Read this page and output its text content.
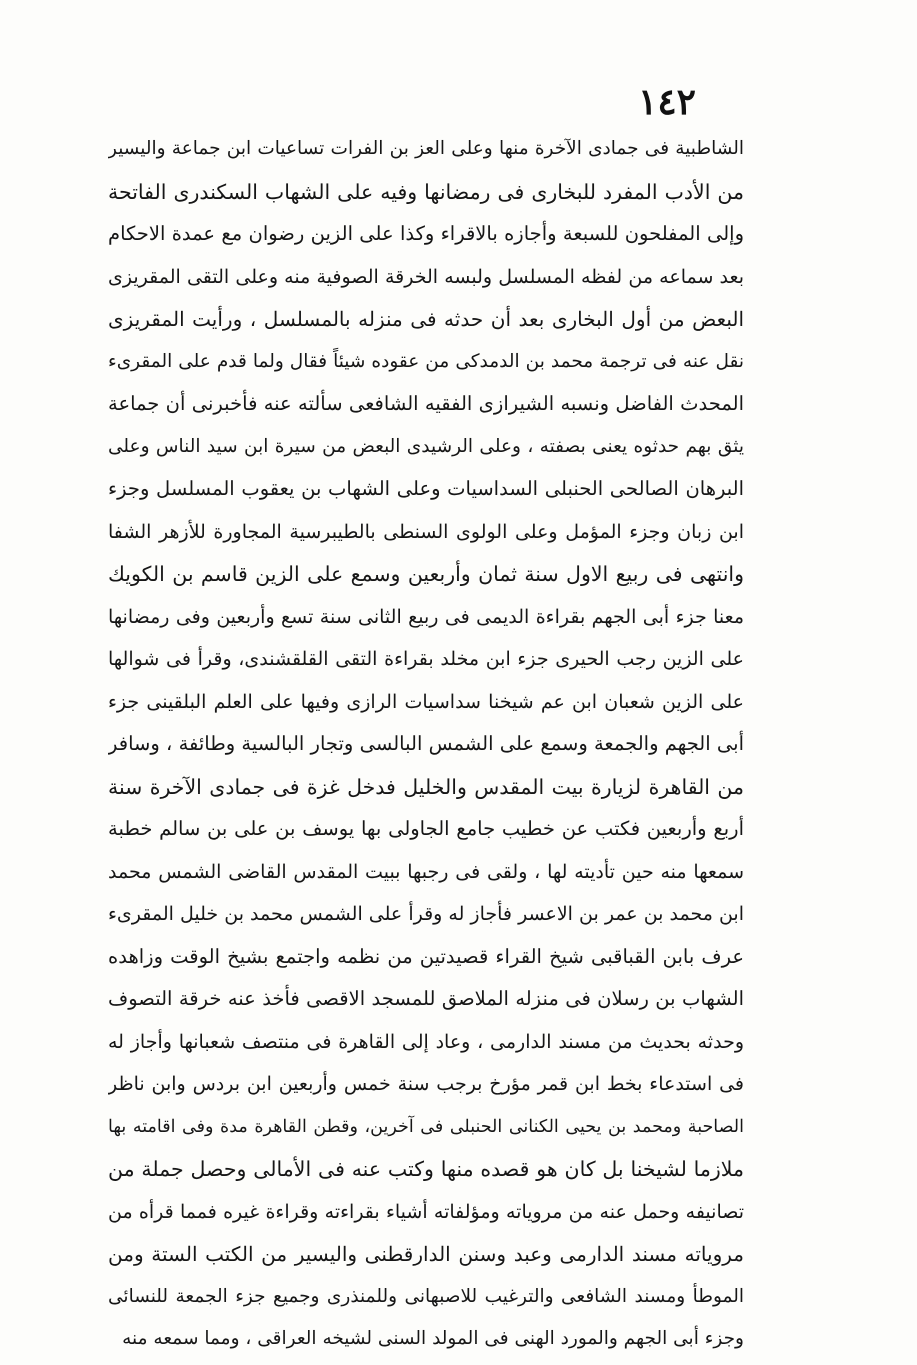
١٤٢
الشاطبية فى جمادى الآخرة منها وعلى العز بن الفرات تساعيات ابن جماعة واليسير
من الأدب المفرد للبخارى فى رمضانها وفيه على الشهاب السكندرى الفاتحة
وإلى المفلحون للسبعة وأجازه بالاقراء وكذا على الزين رضوان مع عمدة الاحكام
بعد سماعه من لفظه المسلسل ولبسه الخرقة الصوفية منه وعلى التقى المقريزى
البعض من أول البخارى بعد أن حدثه فى منزله بالمسلسل ، ورأيت المقريزى
نقل عنه فى ترجمة محمد بن الدمدكى من عقوده شيئاً فقال ولما قدم على المقرىء
المحدث الفاضل ونسبه الشيرازى الفقيه الشافعى سألته عنه فأخبرنى أن جماعة
يثق بهم حدثوه يعنى بصفته ، وعلى الرشيدى البعض من سيرة ابن سيد الناس وعلى
البرهان الصالحى الحنبلى السداسيات وعلى الشهاب بن يعقوب المسلسل وجزء
ابن زبان وجزء المؤمل وعلى الولوى السنطى بالطيبرسية المجاورة للأزهر الشفا
وانتهى فى ربيع الاول سنة ثمان وأربعين وسمع على الزين قاسم بن الكويك
معنا جزء أبى الجهم بقراءة الديمى فى ربيع الثانى سنة تسع وأربعين وفى رمضانها
على الزين رجب الحيرى جزء ابن مخلد بقراءة التقى القلقشندى، وقرأ فى شوالها
على الزين شعبان ابن عم شيخنا سداسيات الرازى وفيها على العلم البلقينى جزء
أبى الجهم والجمعة وسمع على الشمس البالسى وتجار البالسية وطائفة ، وسافر
من القاهرة لزيارة بيت المقدس والخليل فدخل غزة فى جمادى الآخرة سنة
أربع وأربعين فكتب عن خطيب جامع الجاولى بها يوسف بن على بن سالم خطبة
سمعها منه حين تأديته لها ، ولقى فى رجبها ببيت المقدس القاضى الشمس محمد
ابن محمد بن عمر بن الاعسر فأجاز له وقرأ على الشمس محمد بن خليل المقرىء
عرف بابن القباقبى شيخ القراء قصيدتين من نظمه واجتمع بشيخ الوقت وزاهده
الشهاب بن رسلان فى منزله الملاصق للمسجد الاقصى فأخذ عنه خرقة التصوف
وحدثه بحديث من مسند الدارمى ، وعاد إلى القاهرة فى منتصف شعبانها وأجاز له
فى استدعاء بخط ابن قمر مؤرخ برجب سنة خمس وأربعين ابن بردس وابن ناظر
الصاحبة ومحمد بن يحيى الكنانى الحنبلى فى آخرين، وقطن القاهرة مدة وفى اقامته بها
ملازما لشيخنا بل كان هو قصده منها وكتب عنه فى الأمالى وحصل جملة من
تصانيفه وحمل عنه من مروياته ومؤلفاته أشياء بقراءته وقراءة غيره فمما قرأه من
مروياته مسند الدارمى وعبد وسنن الدارقطنى واليسير من الكتب الستة ومن
الموطأ ومسند الشافعى والترغيب للاصبهانى وللمنذرى وجميع جزء الجمعة للنسائى
وجزء أبى الجهم والمورد الهنى فى المولد السنى لشيخه العراقى ، ومما سمعه منه
